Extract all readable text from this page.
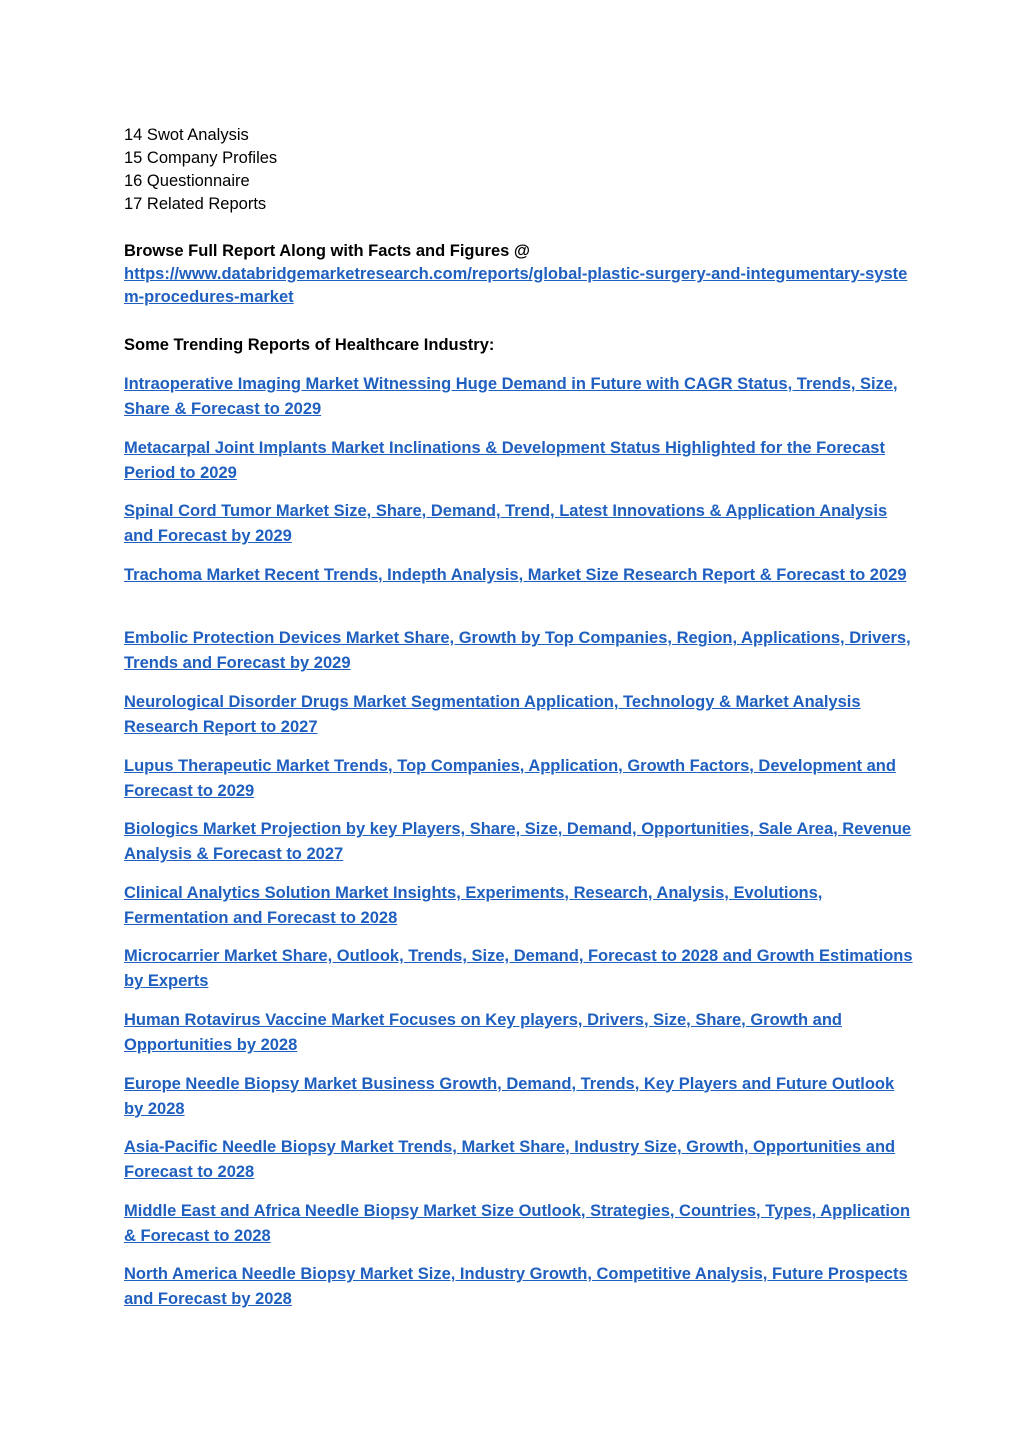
14 Swot Analysis
15 Company Profiles
16 Questionnaire
17 Related Reports
Browse Full Report Along with Facts and Figures @
https://www.databridgemarketresearch.com/reports/global-plastic-surgery-and-integumentary-system-procedures-market
Some Trending Reports of Healthcare Industry:
Intraoperative Imaging Market Witnessing Huge Demand in Future with CAGR Status, Trends, Size, Share & Forecast to 2029
Metacarpal Joint Implants Market Inclinations & Development Status Highlighted for the Forecast Period to 2029
Spinal Cord Tumor Market Size, Share, Demand, Trend, Latest Innovations & Application Analysis and Forecast by 2029
Trachoma Market Recent Trends, Indepth Analysis, Market Size Research Report & Forecast to 2029
Embolic Protection Devices Market Share, Growth by Top Companies, Region, Applications, Drivers, Trends and Forecast by 2029
Neurological Disorder Drugs Market Segmentation Application, Technology & Market Analysis Research Report to 2027
Lupus Therapeutic Market Trends, Top Companies, Application, Growth Factors, Development and Forecast to 2029
Biologics Market Projection by key Players, Share, Size, Demand, Opportunities, Sale Area, Revenue Analysis & Forecast to 2027
Clinical Analytics Solution Market Insights, Experiments, Research, Analysis, Evolutions, Fermentation and Forecast to 2028
Microcarrier Market Share, Outlook, Trends, Size, Demand, Forecast to 2028 and Growth Estimations by Experts
Human Rotavirus Vaccine Market Focuses on Key players, Drivers, Size, Share, Growth and Opportunities by 2028
Europe Needle Biopsy Market Business Growth, Demand, Trends, Key Players and Future Outlook by 2028
Asia-Pacific Needle Biopsy Market Trends, Market Share, Industry Size, Growth, Opportunities and Forecast to 2028
Middle East and Africa Needle Biopsy Market Size Outlook, Strategies, Countries, Types, Application & Forecast to 2028
North America Needle Biopsy Market Size, Industry Growth, Competitive Analysis, Future Prospects and Forecast by 2028
